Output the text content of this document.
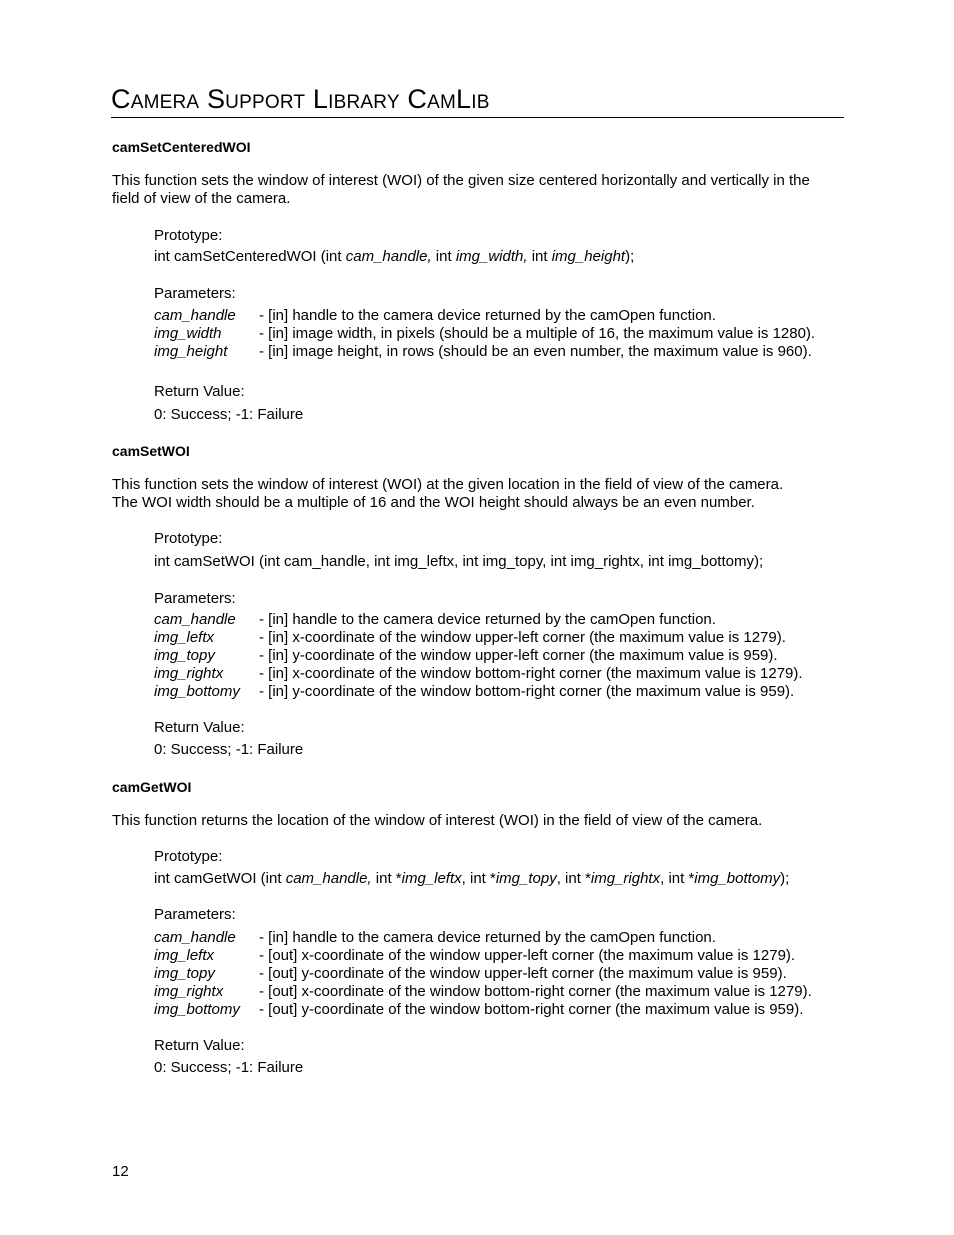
Camera Support Library CamLib
camSetCenteredWOI
This function sets the window of interest (WOI) of the given size centered horizontally and vertically in the
field of view of the camera.
Prototype:
int camSetCenteredWOI (int cam_handle, int img_width, int img_height);
Parameters:
cam_handle - [in] handle to the camera device returned by the camOpen function.
img_width - [in] image width, in pixels (should be a multiple of 16, the maximum value is 1280).
img_height - [in] image height, in rows (should be an even number, the maximum value is 960).
Return Value:
0: Success; -1: Failure
camSetWOI
This function sets the window of interest (WOI) at the given location in the field of view of the camera.
The WOI width should be a multiple of 16 and the WOI height should always be an even number.
Prototype:
int camSetWOI (int cam_handle, int img_leftx, int img_topy, int img_rightx, int img_bottomy);
Parameters:
cam_handle - [in] handle to the camera device returned by the camOpen function.
img_leftx	- [in] x-coordinate of the window upper-left corner (the maximum value is 1279).
img_topy	- [in] y-coordinate of the window upper-left corner (the maximum value is 959).
img_rightx - [in] x-coordinate of the window bottom-right corner (the maximum value is 1279).
img_bottomy - [in] y-coordinate of the window bottom-right corner (the maximum value is 959).
Return Value:
0: Success; -1: Failure
camGetWOI
This function returns the location of the window of interest (WOI) in the field of view of the camera.
Prototype:
int camGetWOI (int cam_handle, int *img_leftx, int *img_topy, int *img_rightx, int *img_bottomy);
Parameters:
cam_handle - [in] handle to the camera device returned by the camOpen function.
img_leftx	- [out] x-coordinate of the window upper-left corner (the maximum value is 1279).
img_topy	- [out] y-coordinate of the window upper-left corner (the maximum value is 959).
img_rightx - [out] x-coordinate of the window bottom-right corner (the maximum value is 1279).
img_bottomy - [out] y-coordinate of the window bottom-right corner (the maximum value is 959).
Return Value:
0: Success; -1: Failure
12
